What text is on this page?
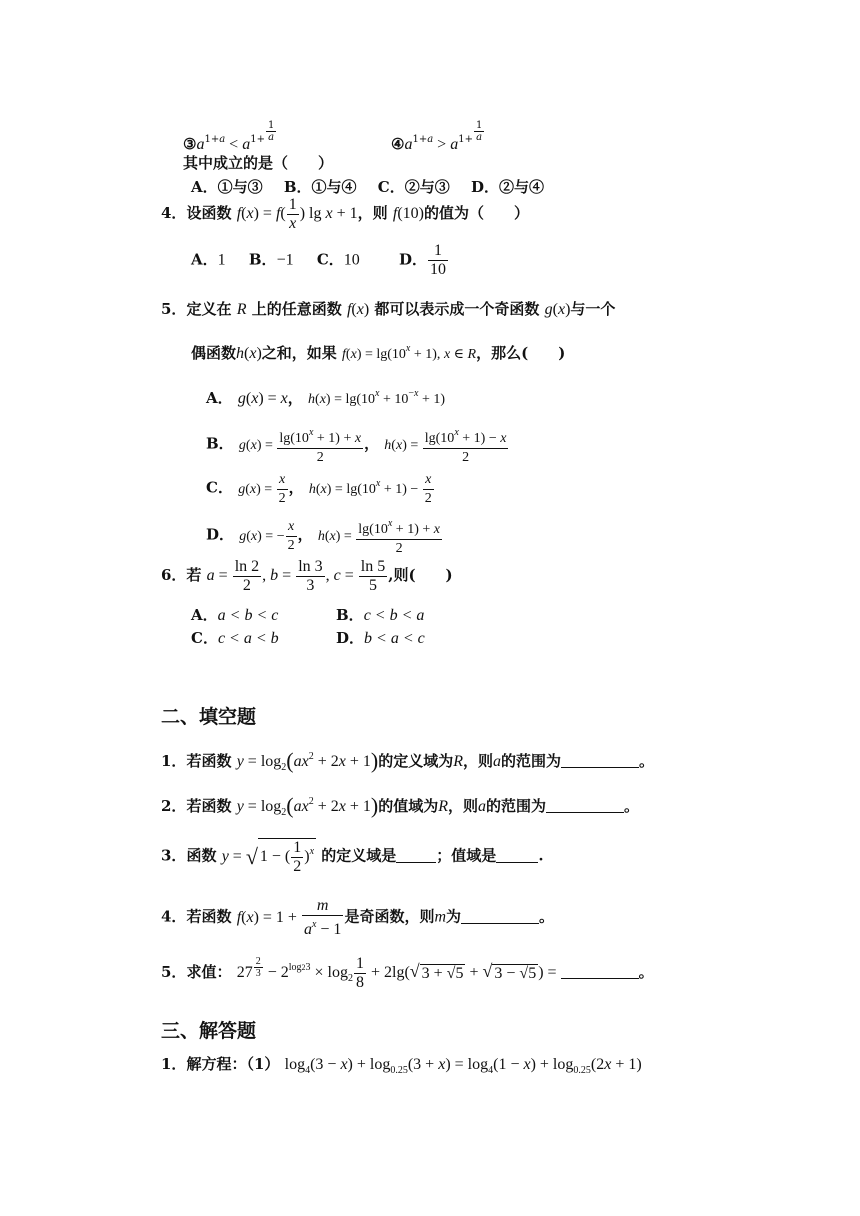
$③a^{1+a} < a^{1+ \frac{1}{a}}$
$④a^{1+a} > a^{1+ \frac{1}{a}}$
其中成立的是（　　）
A．①与③ B．①与④ C．②与③ D．②与④
4．设函数 $f(x) = f( \frac{1}{x}$ ) lg x + 1，则 f(10)的值为（　　）
A．1 B．−1 C．10	D． $\frac{1}{10}$
5．定义在 R 上的任意函数 f(x) 都可以表示成一个奇函数 g(x)与一个
偶函数h(x)之和，如果 $f(x) = \lg(10^x + 1)$, x ∈ R，那么(　　)
A． g(x) = x， $h(x) = \lg(10^x + 10^{-x} + 1)$
B． $g(x) = \frac{\lg(10^x + 1) + x}{2}$ ， $h(x) = \frac{\lg(10^x + 1) - x}{2}$
C． $g(x) = \frac{x}{2}$ ， $h(x) = \lg(10^x + 1) - \frac{x}{2}$
D． g(x) = − $\frac{x}{2}$ ， $h(x) = \frac{\lg(10^x + 1) + x}{2}$
6．若 $a = \frac{\ln 2}{2}$ , $b = \frac{\ln 3}{3}$ , $c = \frac{\ln 5}{5}$ ,则(　　)
A．a < b < c	B．c < b < a
C．c < a < b	D．b < a < c
二、填空题
1．若函数 $y = \log_2(ax^2 + 2x + 1)$的定义域为R，则a的范围为	。
2．若函数 $y = \log_2(ax^2 + 2x + 1)$的值域为R，则a的范围为	。
3．函数 y = √ 1 − ( $\frac{1}{2} )^x$ 的定义域是	；值域是	.
4．若函数 $f(x) = 1 + \frac{m}{a^x - 1}$ 是奇函数，则m为	。
5．求值： 27 $^{\frac{2}{3}} - 2^{log23} \times \log_2 \frac{1}{8} + 2\lg(√$ 3 + √5 + √ 3 − √5 ) =	。
三、解答题
1．解方程：（1） $\log_4(3 - x) + \log_{0.25}(3 + x) = \log_4(1 - x) + \log_{0.25}(2x + 1)$
